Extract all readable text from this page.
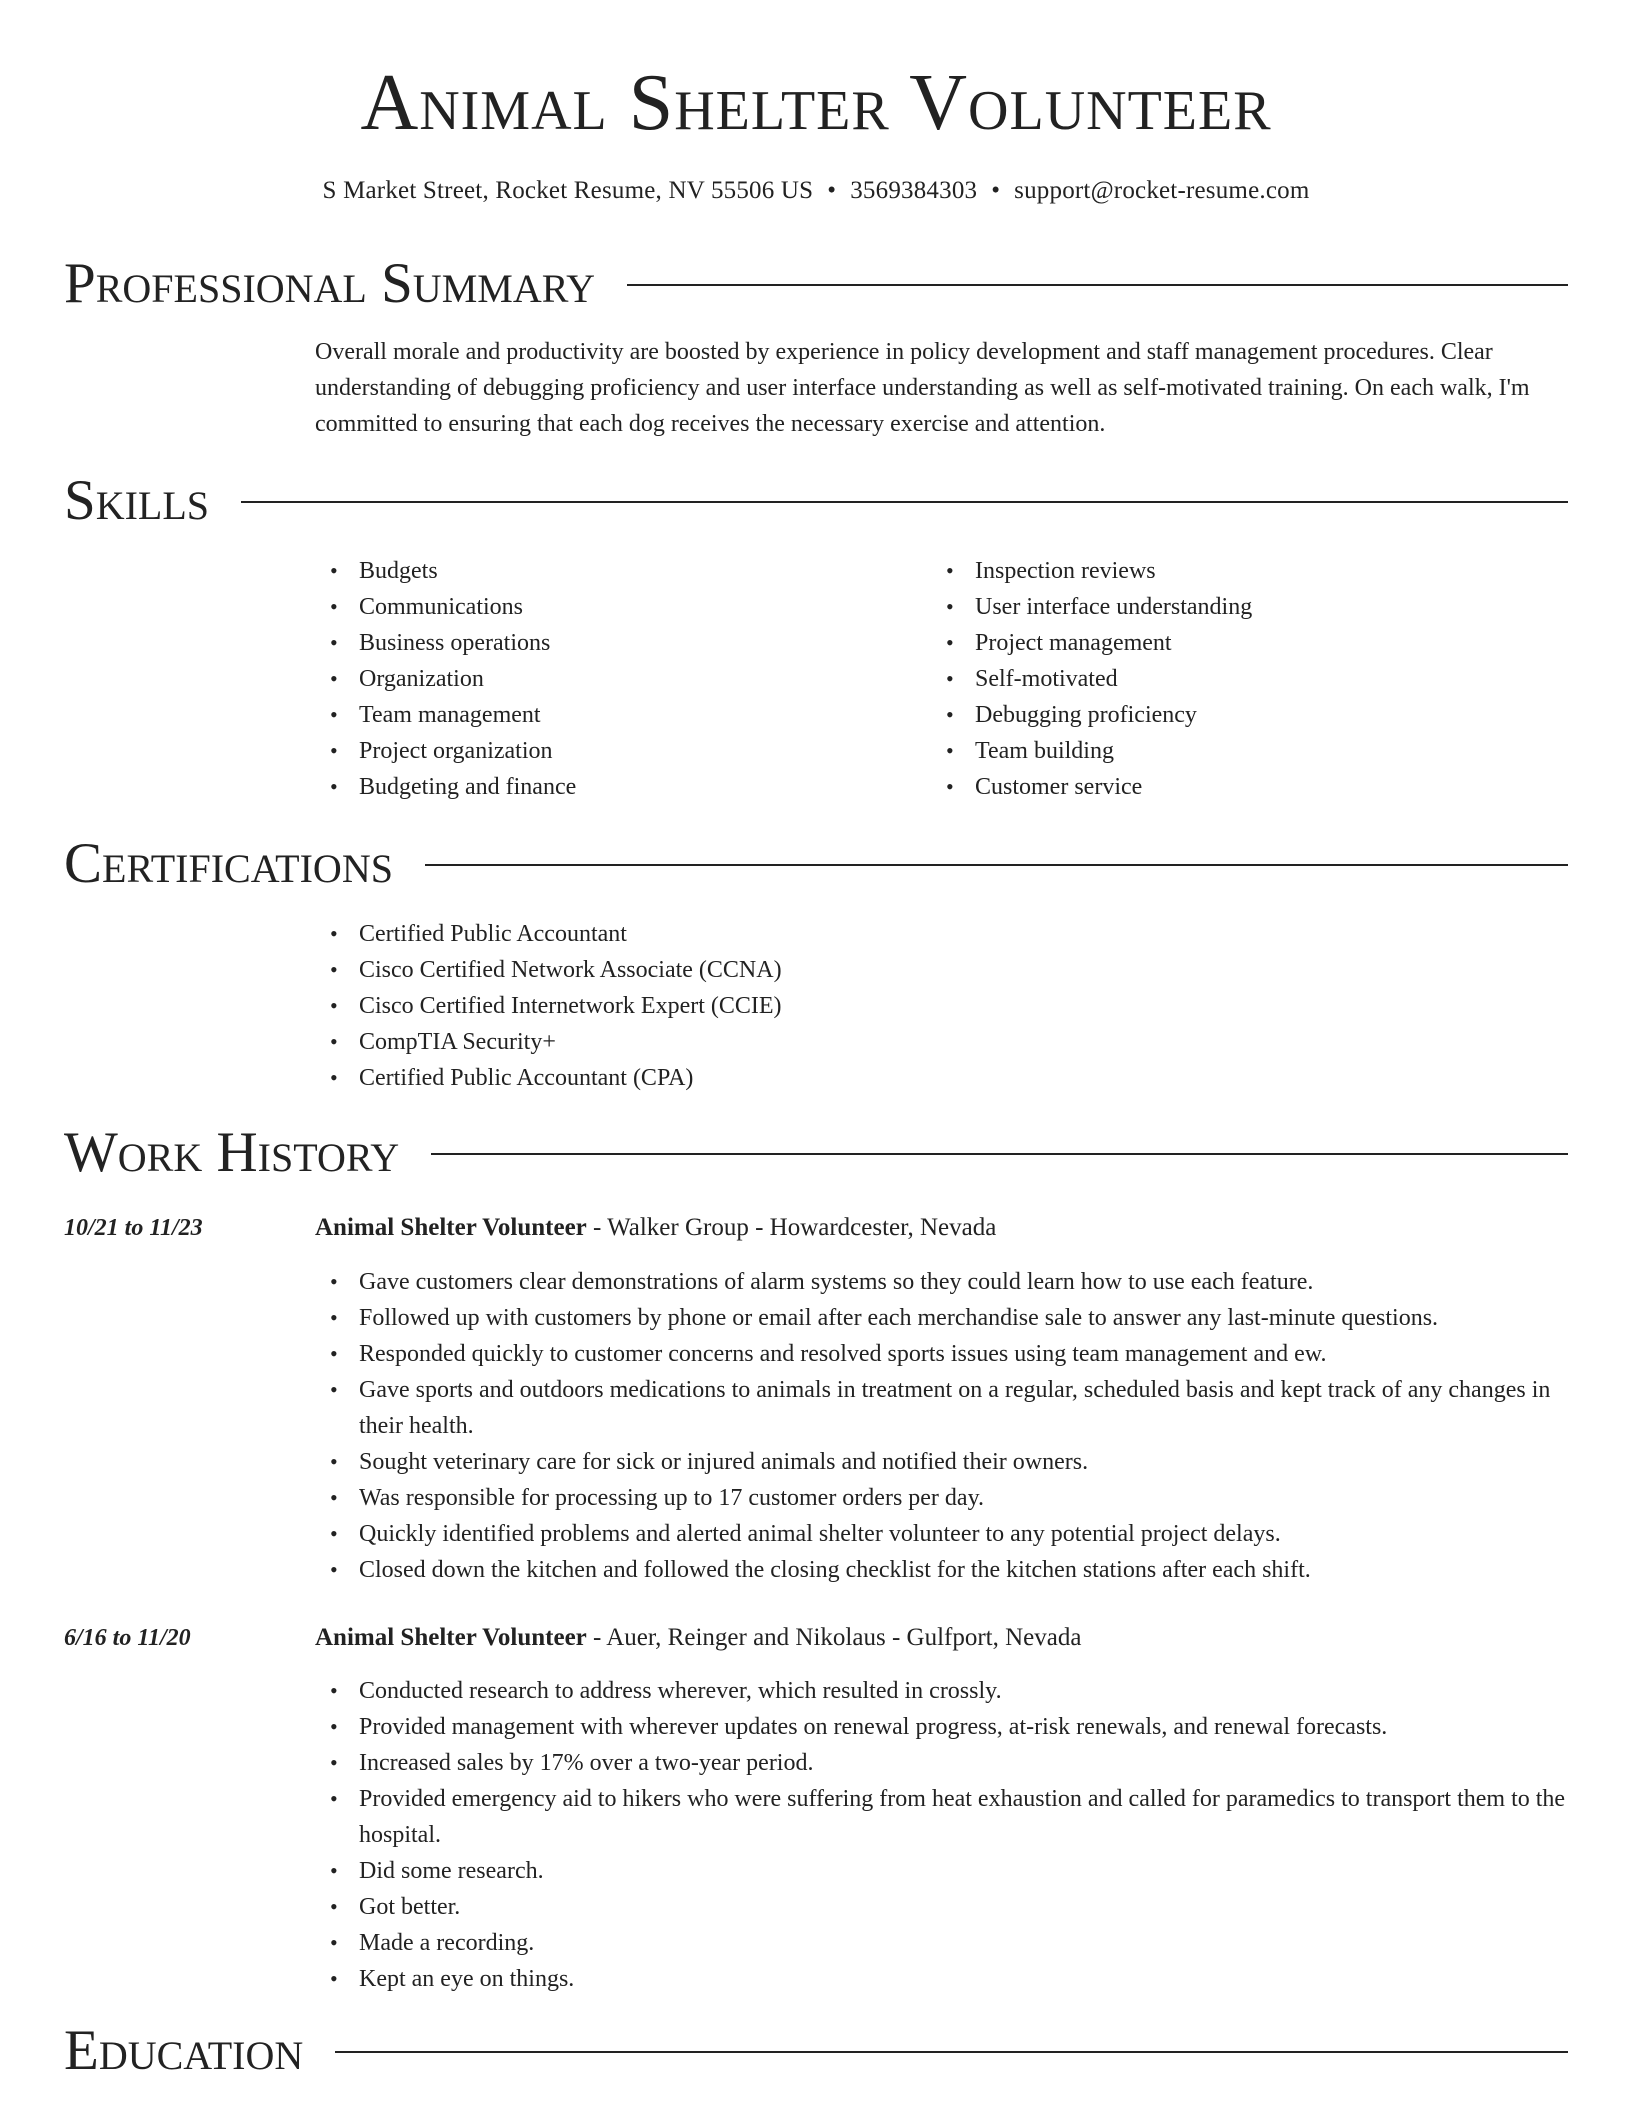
Animal Shelter Volunteer
S Market Street, Rocket Resume, NV 55506 US • 3569384303 • support@rocket-resume.com
Professional Summary
Overall morale and productivity are boosted by experience in policy development and staff management procedures. Clear understanding of debugging proficiency and user interface understanding as well as self-motivated training. On each walk, I'm committed to ensuring that each dog receives the necessary exercise and attention.
Skills
• Budgets
• Communications
• Business operations
• Organization
• Team management
• Project organization
• Budgeting and finance
• Inspection reviews
• User interface understanding
• Project management
• Self-motivated
• Debugging proficiency
• Team building
• Customer service
Certifications
• Certified Public Accountant
• Cisco Certified Network Associate (CCNA)
• Cisco Certified Internetwork Expert (CCIE)
• CompTIA Security+
• Certified Public Accountant (CPA)
Work History
10/21 to 11/23	Animal Shelter Volunteer - Walker Group - Howardcester, Nevada
• Gave customers clear demonstrations of alarm systems so they could learn how to use each feature.
• Followed up with customers by phone or email after each merchandise sale to answer any last-minute questions.
• Responded quickly to customer concerns and resolved sports issues using team management and ew.
• Gave sports and outdoors medications to animals in treatment on a regular, scheduled basis and kept track of any changes in their health.
• Sought veterinary care for sick or injured animals and notified their owners.
• Was responsible for processing up to 17 customer orders per day.
• Quickly identified problems and alerted animal shelter volunteer to any potential project delays.
• Closed down the kitchen and followed the closing checklist for the kitchen stations after each shift.
6/16 to 11/20	Animal Shelter Volunteer - Auer, Reinger and Nikolaus - Gulfport, Nevada
• Conducted research to address wherever, which resulted in crossly.
• Provided management with wherever updates on renewal progress, at-risk renewals, and renewal forecasts.
• Increased sales by 17% over a two-year period.
• Provided emergency aid to hikers who were suffering from heat exhaustion and called for paramedics to transport them to the hospital.
• Did some research.
• Got better.
• Made a recording.
• Kept an eye on things.
Education
